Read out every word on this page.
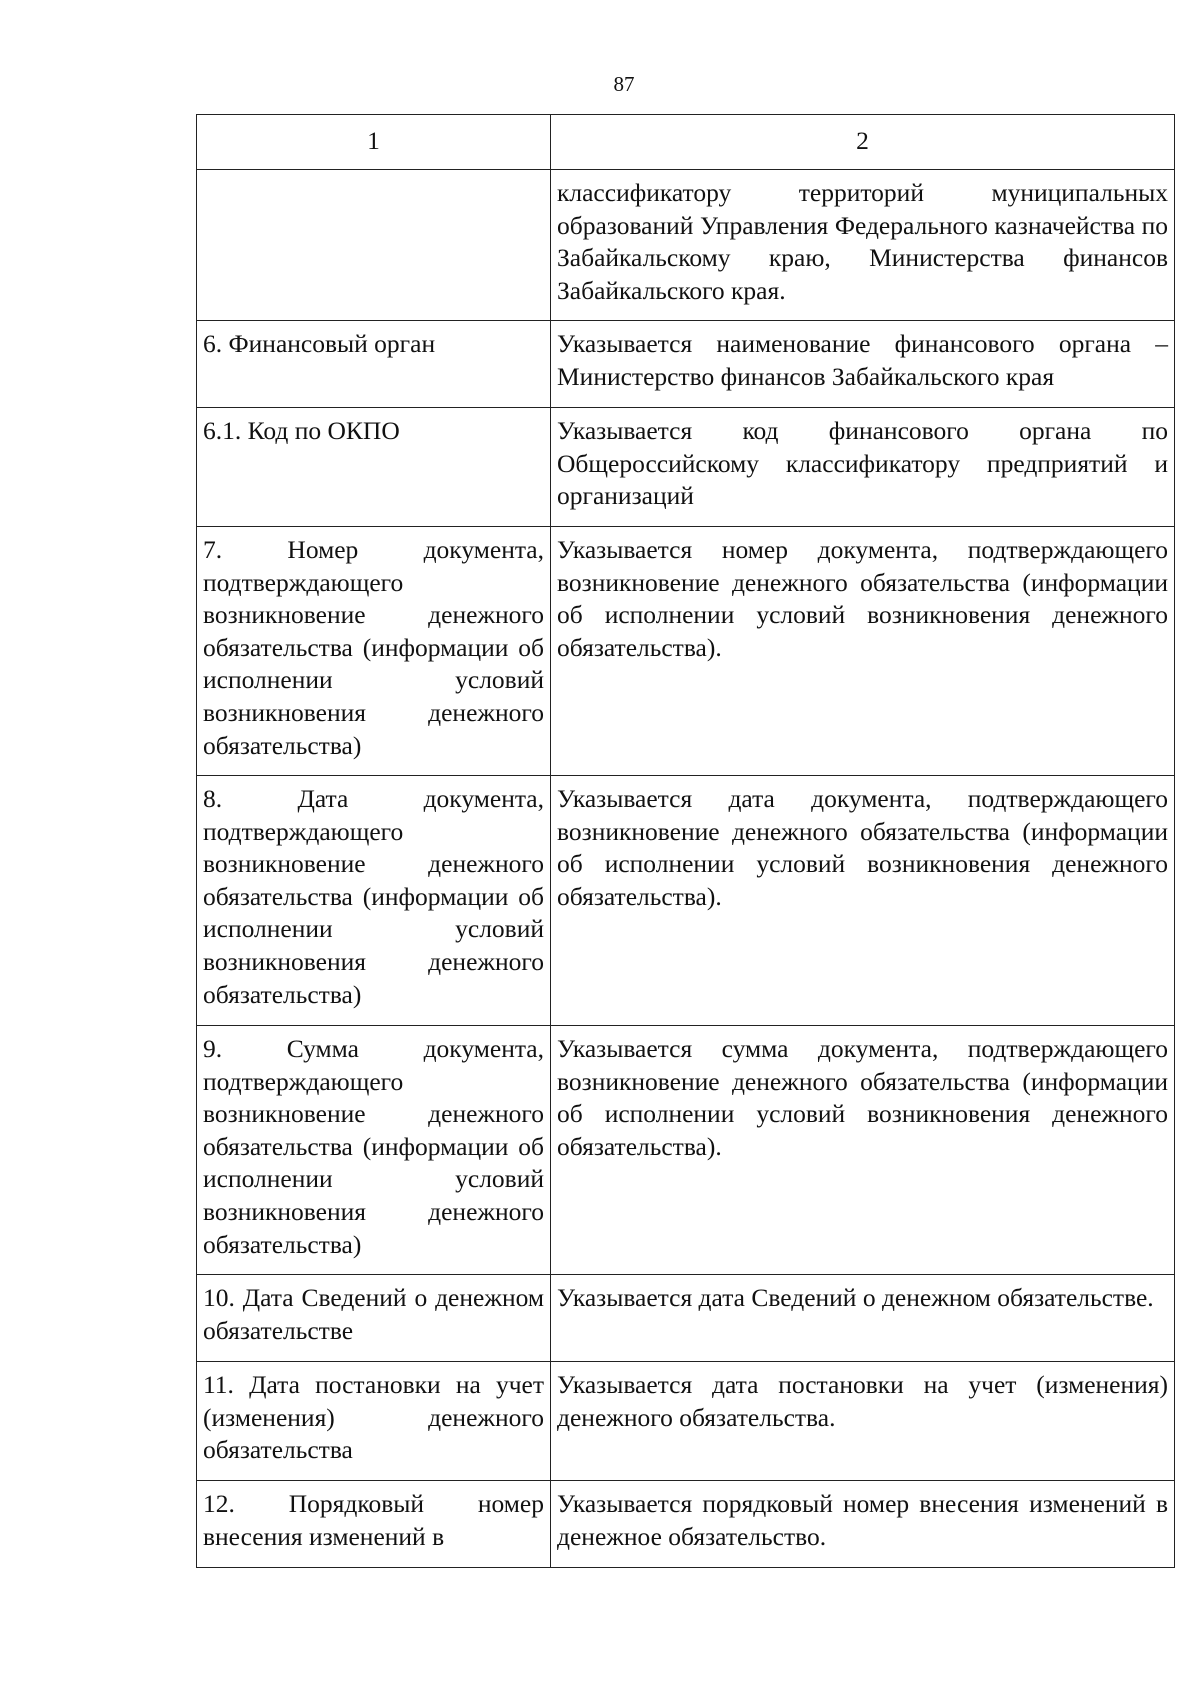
87
1	2
	классификатору территорий муниципальных образований Управления Федерального казначейства по Забайкальскому краю, Министерства финансов Забайкальского края.
6. Финансовый орган	Указывается наименование финансового органа – Министерство финансов Забайкальского края
6.1. Код по ОКПО	Указывается код финансового органа по Общероссийскому классификатору предприятий и организаций
7. Номер документа, подтверждающего возникновение денежного обязательства (информации об исполнении условий возникновения денежного обязательства)	Указывается номер документа, подтверждающего возникновение денежного обязательства (информации об исполнении условий возникновения денежного обязательства).
8. Дата документа, подтверждающего возникновение денежного обязательства (информации об исполнении условий возникновения денежного обязательства)	Указывается дата документа, подтверждающего возникновение денежного обязательства (информации об исполнении условий возникновения денежного обязательства).
9. Сумма документа, подтверждающего возникновение денежного обязательства (информации об исполнении условий возникновения денежного обязательства)	Указывается сумма документа, подтверждающего возникновение денежного обязательства (информации об исполнении условий возникновения денежного обязательства).
10. Дата Сведений о денежном обязательстве	Указывается дата Сведений о денежном обязательстве.
11. Дата постановки на учет (изменения) денежного обязательства	Указывается дата постановки на учет (изменения) денежного обязательства.
12. Порядковый номер внесения изменений в	Указывается порядковый номер внесения изменений в денежное обязательство.
